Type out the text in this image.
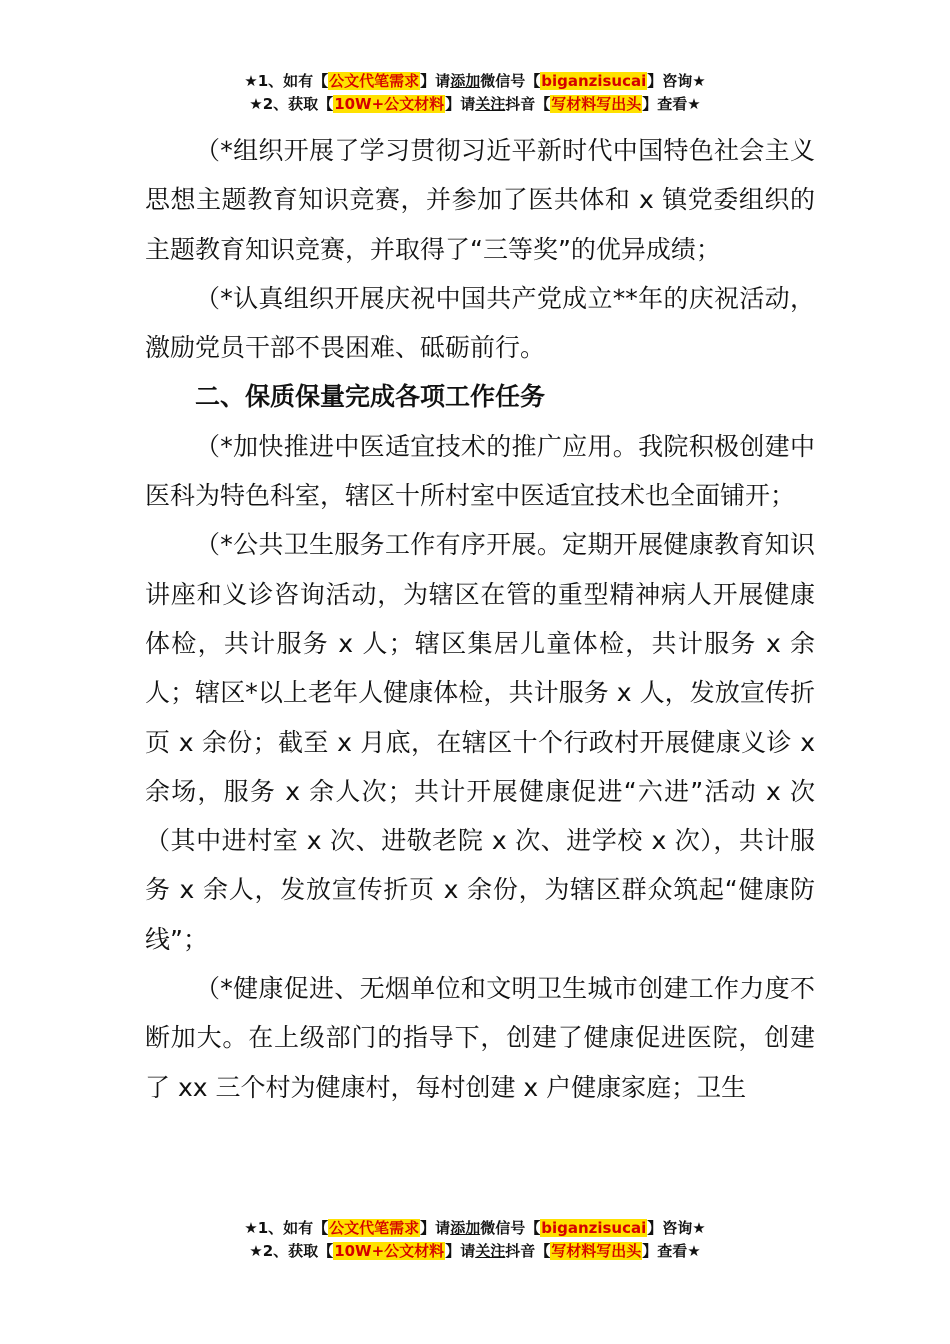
★1、如有【公文代笔需求】请添加微信号【biganzisucai】咨询★
★2、获取【10W+公文材料】请关注抖音【写材料写出头】查看★

（*组织开展了学习贯彻习近平新时代中国特色社会主义思想主题教育知识竞赛，并参加了医共体和 x 镇党委组织的主题教育知识竞赛，并取得了“三等奖”的优异成绩；

（*认真组织开展庆祝中国共产党成立**年的庆祝活动，激励党员干部不畏困难、砥砺前行。

二、保质保量完成各项工作任务

（*加快推进中医适宜技术的推广应用。我院积极创建中医科为特色科室，辖区十所村室中医适宜技术也全面铺开；

（*公共卫生服务工作有序开展。定期开展健康教育知识讲座和义诊咨询活动，为辖区在管的重型精神病人开展健康体检，共计服务 x 人；辖区集居儿童体检，共计服务 x 余人；辖区*以上老年人健康体检，共计服务 x 人，发放宣传折页 x 余份；截至 x 月底，在辖区十个行政村开展健康义诊 x 余场，服务 x 余人次；共计开展健康促进“六进”活动 x 次（其中进村室 x 次、进敬老院 x 次、进学校 x 次），共计服务 x 余人，发放宣传折页 x 余份，为辖区群众筑起“健康防线”；

（*健康促进、无烟单位和文明卫生城市创建工作力度不断加大。在上级部门的指导下，创建了健康促进医院，创建了 xx 三个村为健康村，每村创建 x 户健康家庭；卫生

★1、如有【公文代笔需求】请添加微信号【biganzisucai】咨询★
★2、获取【10W+公文材料】请关注抖音【写材料写出头】查看★
